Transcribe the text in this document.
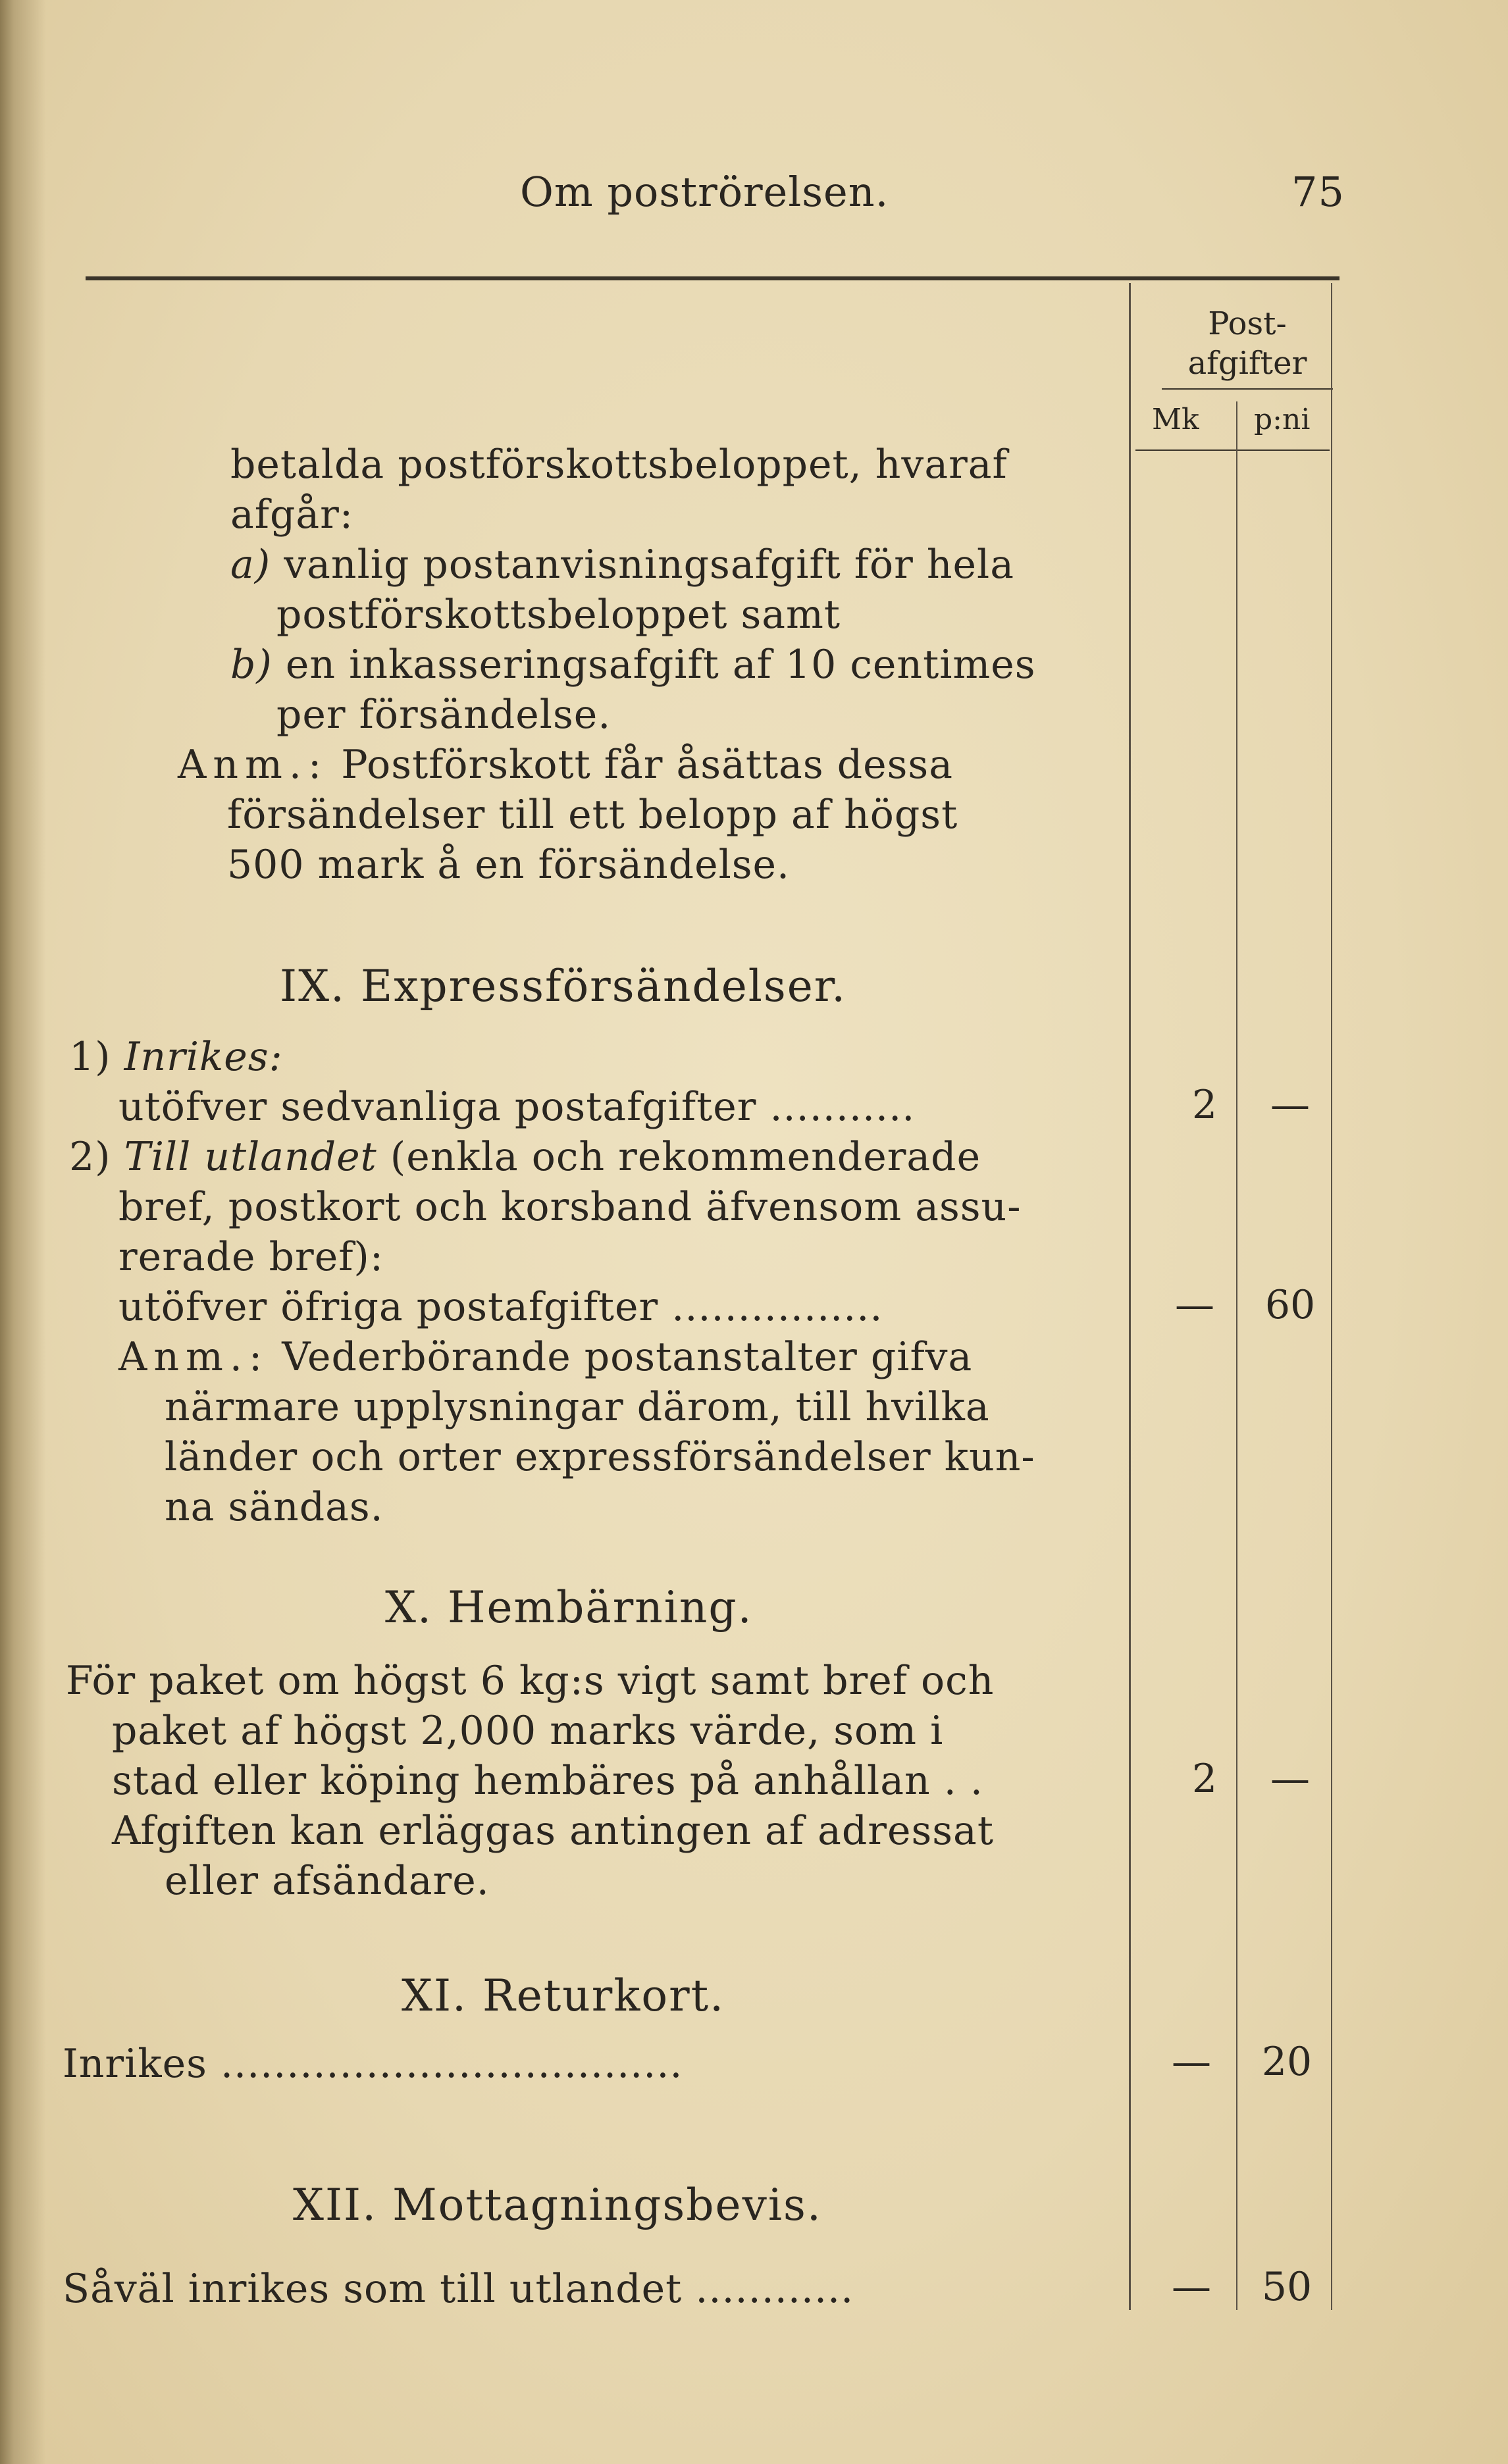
Om poströrelsen.	75
Post-
afgifter
Mk p:ni
betalda postförskottsbeloppet, hvaraf
afgår:
a) vanlig postanvisningsafgift för hela
postförskottsbeloppet samt
b) en inkasseringsafgift af 10 centimes
per försändelse.
Anm.: Postförskott får åsättas dessa
försändelser till ett belopp af högst
500 mark å en försändelse.
IX. Expressförsändelser.
1) Inrikes:
utöfver sedvanliga postafgifter ...........	2	—
2) Till utlandet (enkla och rekommenderade
bref, postkort och korsband äfvensom assu-
rerade bref):
utöfver öfriga postafgifter ................	—	60
Anm.: Vederbörande postanstalter gifva
närmare upplysningar därom, till hvilka
länder och orter expressförsändelser kun-
na sändas.
X. Hembärning.
För paket om högst 6 kg:s vigt samt bref och
paket af högst 2,000 marks värde, som i
stad eller köping hembäres på anhållan . .	2	—
Afgiften kan erläggas antingen af adressat
eller afsändare.
XI. Returkort.
Inrikes ...................................	—	20
XII. Mottagningsbevis.
Såväl inrikes som till utlandet ............	—	50
